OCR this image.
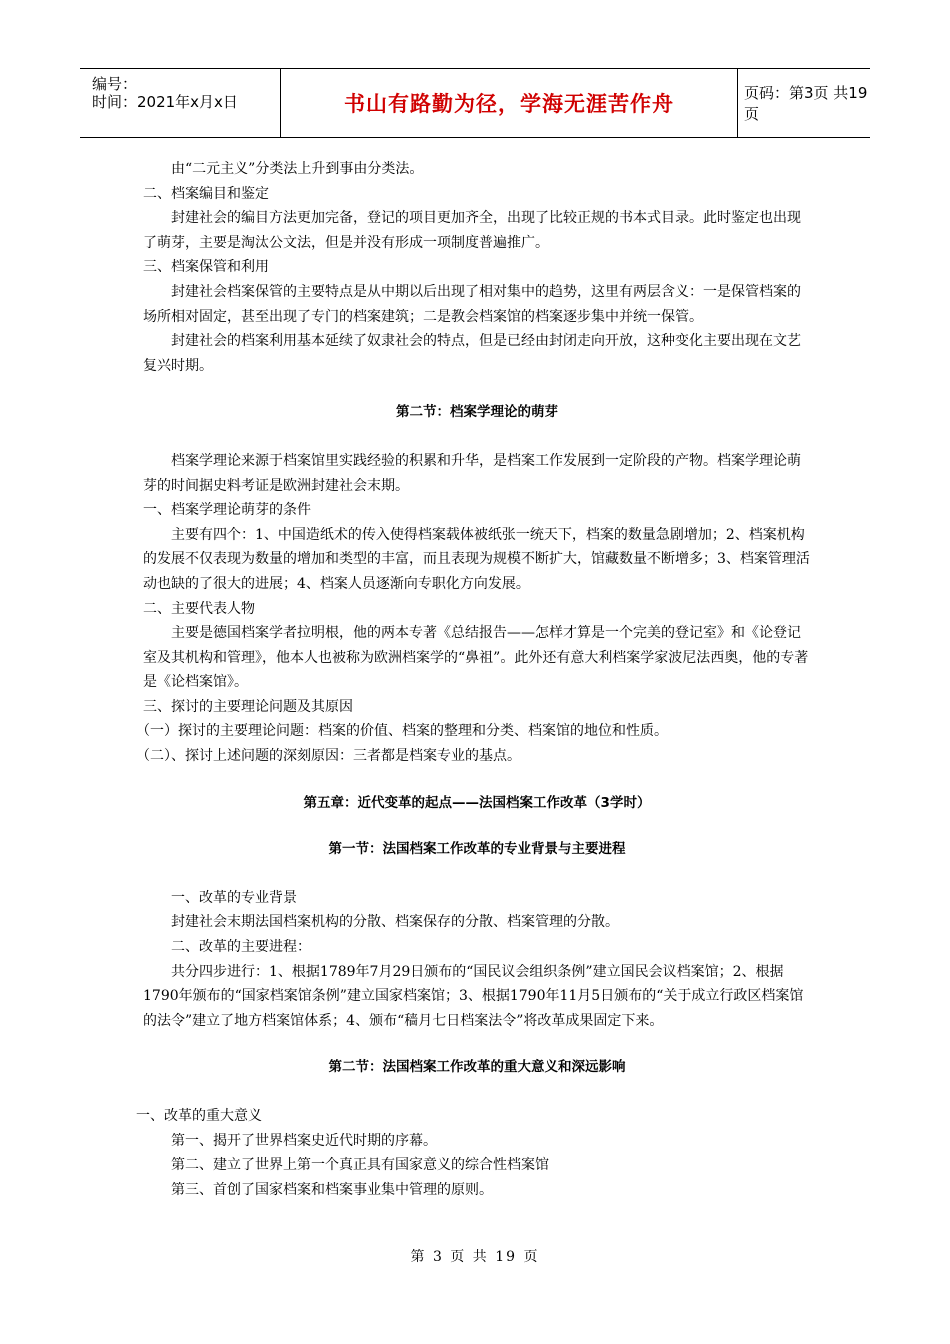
编号：
时间：2021年x月x日	书山有路勤为径，学海无涯苦作舟	页码：第3页 共19页

由“二元主义”分类法上升到事由分类法。

二、档案编目和鉴定

封建社会的编目方法更加完备，登记的项目更加齐全，出现了比较正规的书本式目录。此时鉴定也出现了萌芽，主要是淘汰公文法，但是并没有形成一项制度普遍推广。

三、档案保管和利用

封建社会档案保管的主要特点是从中期以后出现了相对集中的趋势，这里有两层含义：一是保管档案的场所相对固定，甚至出现了专门的档案建筑；二是教会档案馆的档案逐步集中并统一保管。

封建社会的档案利用基本延续了奴隶社会的特点，但是已经由封闭走向开放，这种变化主要出现在文艺复兴时期。

第二节：档案学理论的萌芽

档案学理论来源于档案馆里实践经验的积累和升华，是档案工作发展到一定阶段的产物。档案学理论萌芽的时间据史料考证是欧洲封建社会末期。

一、档案学理论萌芽的条件

主要有四个：1、中国造纸术的传入使得档案载体被纸张一统天下，档案的数量急剧增加；2、档案机构的发展不仅表现为数量的增加和类型的丰富，而且表现为规模不断扩大，馆藏数量不断增多；3、档案管理活动也缺的了很大的进展；4、档案人员逐渐向专职化方向发展。

二、主要代表人物

主要是德国档案学者拉明根，他的两本专著《总结报告——怎样才算是一个完美的登记室》和《论登记室及其机构和管理》，他本人也被称为欧洲档案学的“鼻祖”。此外还有意大利档案学家波尼法西奥，他的专著是《论档案馆》。

三、探讨的主要理论问题及其原因

（一）探讨的主要理论问题：档案的价值、档案的整理和分类、档案馆的地位和性质。

（二）、探讨上述问题的深刻原因：三者都是档案专业的基点。

第五章：近代变革的起点——法国档案工作改革（3学时）

第一节：法国档案工作改革的专业背景与主要进程

一、改革的专业背景

封建社会末期法国档案机构的分散、档案保存的分散、档案管理的分散。

二、改革的主要进程：

共分四步进行：1、根据1789年7月29日颁布的“国民议会组织条例”建立国民会议档案馆；2、根据1790年颁布的“国家档案馆条例”建立国家档案馆；3、根据1790年11月5日颁布的“关于成立行政区档案馆的法令”建立了地方档案馆体系；4、颁布“穑月七日档案法令”将改革成果固定下来。

第二节：法国档案工作改革的重大意义和深远影响

一、改革的重大意义

第一、揭开了世界档案史近代时期的序幕。

第二、建立了世界上第一个真正具有国家意义的综合性档案馆

第三、首创了国家档案和档案事业集中管理的原则。

第 3 页 共 19 页
